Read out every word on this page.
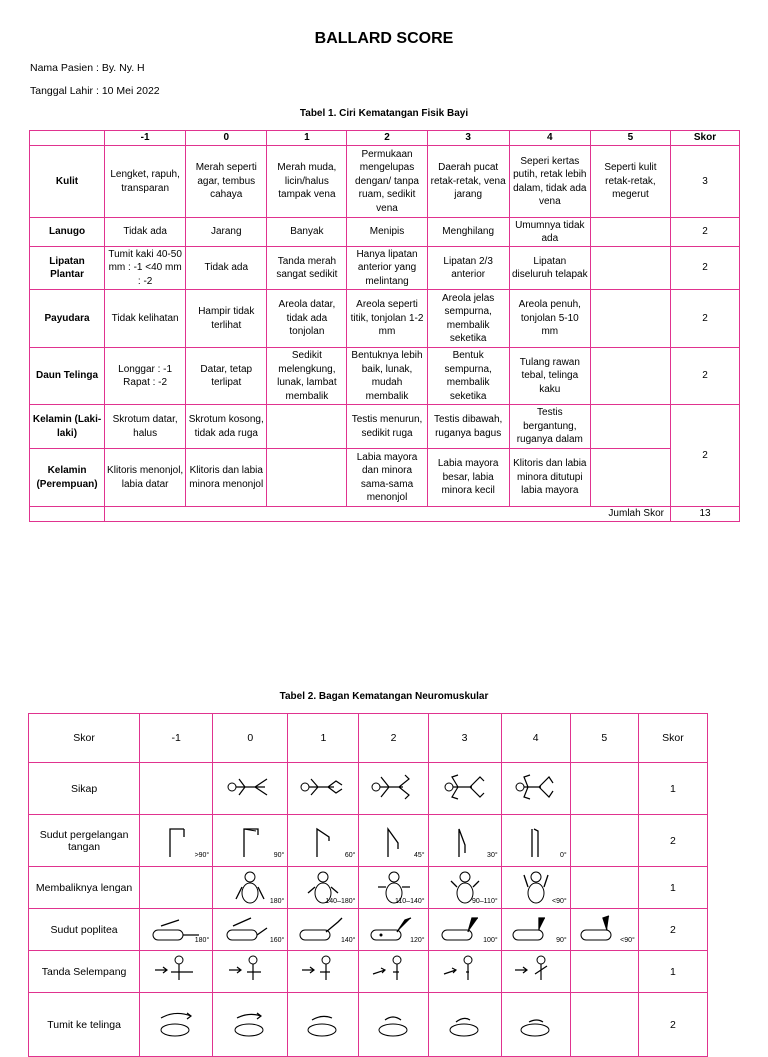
BALLARD SCORE
Nama Pasien : By. Ny. H
Tanggal Lahir : 10 Mei 2022
Tabel 1. Ciri Kematangan Fisik Bayi
	-1	0	1	2	3	4	5	Skor
Kulit	Lengket, rapuh, transparan	Merah seperti agar, tembus cahaya	Merah muda, licin/halus tampak vena	Permukaan mengelupas dengan/ tanpa ruam, sedikit vena	Daerah pucat retak-retak, vena jarang	Seperi kertas putih, retak lebih dalam, tidak ada vena	Seperti kulit retak-retak, megerut	3
Lanugo	Tidak ada	Jarang	Banyak	Menipis	Menghilang	Umumnya tidak ada		2
Lipatan Plantar	Tumit kaki 40-50 mm : -1 <40 mm : -2	Tidak ada	Tanda merah sangat sedikit	Hanya lipatan anterior yang melintang	Lipatan 2/3 anterior	Lipatan diseluruh telapak		2
Payudara	Tidak kelihatan	Hampir tidak terlihat	Areola datar, tidak ada tonjolan	Areola seperti titik, tonjolan 1-2 mm	Areola jelas sempurna, membalik seketika	Areola penuh, tonjolan 5-10 mm		2
Daun Telinga	Longgar : -1 Rapat : -2	Datar, tetap terlipat	Sedikit melengkung, lunak, lambat membalik	Bentuknya lebih baik, lunak, mudah membalik	Bentuk sempurna, membalik seketika	Tulang rawan tebal, telinga kaku		2
Kelamin (Laki-laki)	Skrotum datar, halus	Skrotum kosong, tidak ada ruga		Testis menurun, sedikit ruga	Testis dibawah, ruganya bagus	Testis bergantung, ruganya dalam		2
Kelamin (Perempuan)	Klitoris menonjol, labia datar	Klitoris dan labia minora menonjol		Labia mayora dan minora sama-sama menonjol	Labia mayora besar, labia minora kecil	Klitoris dan labia minora ditutupi labia mayora		
	Jumlah Skor							13
Tabel 2. Bagan Kematangan Neuromuskular
Skor	-1	0	1	2	3	4	5	Skor
Sikap								1
Sudut pergelangan tangan	>90°	90°	60°	45°	30°	0°		2
Membaliknya lengan		180°	140–180°	110–140°	90–110°	<90°		1
Sudut poplitea	180°	160°	140°	120°	100°	90°	<90°	2
Tanda Selempang								1
Tumit ke telinga								2
